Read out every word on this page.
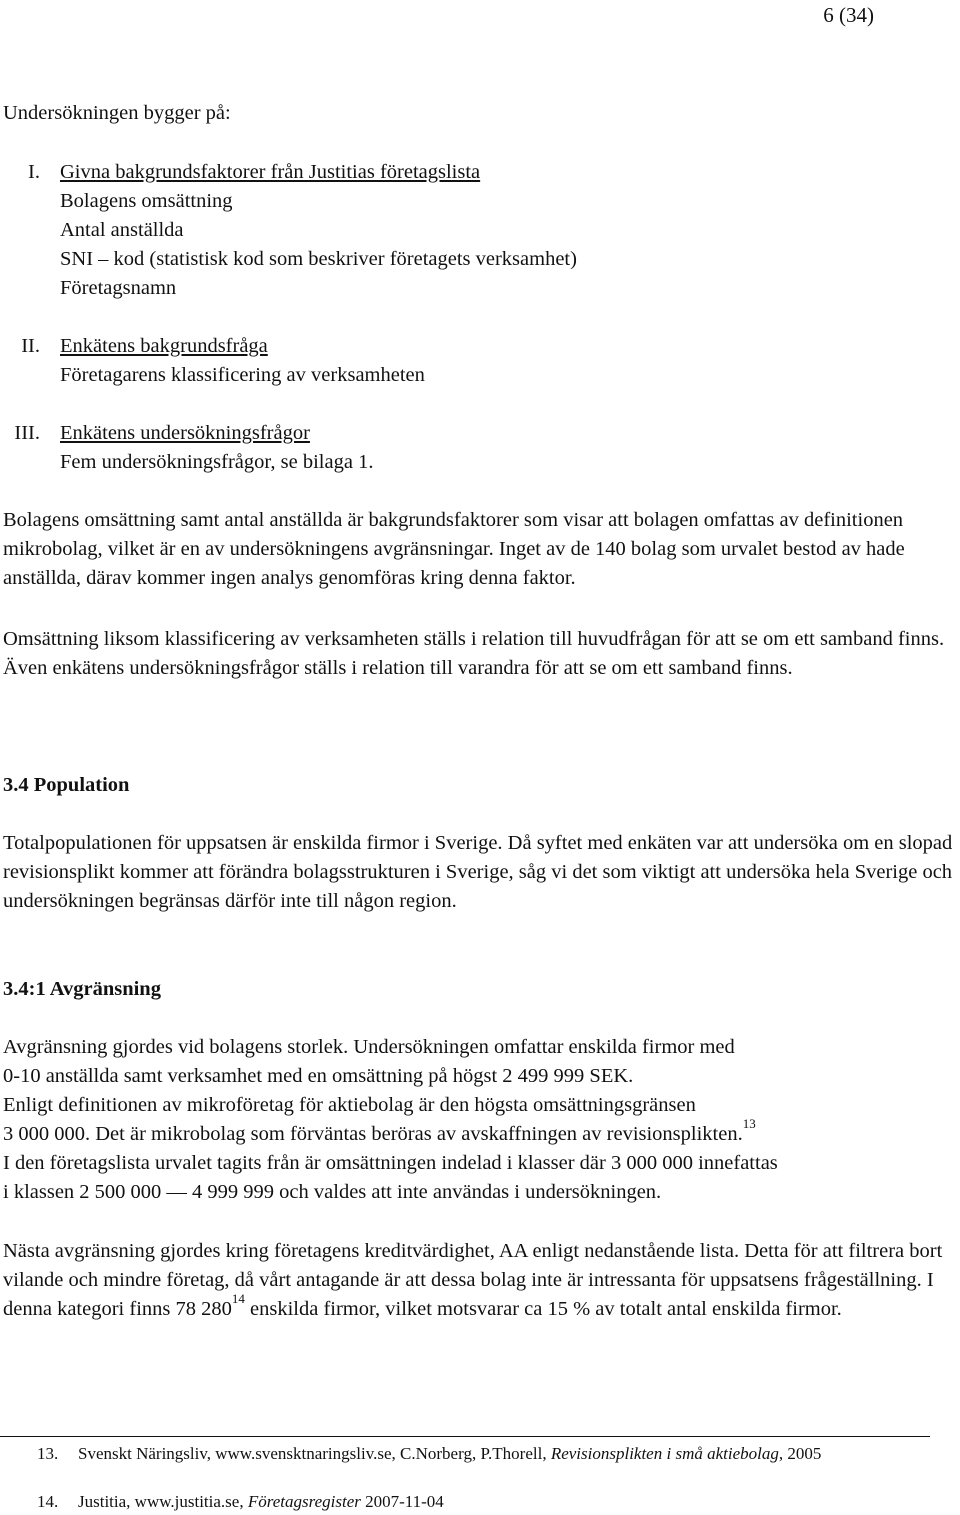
6 (34)

Undersökningen bygger på:

I. Givna bakgrundsfaktorer från Justitias företagslista
Bolagens omsättning
Antal anställda
SNI – kod (statistisk kod som beskriver företagets verksamhet)
Företagsnamn
II. Enkätens bakgrundsfråga
Företagarens klassificering av verksamheten
III. Enkätens undersökningsfrågor
Fem undersökningsfrågor, se bilaga 1.

Bolagens omsättning samt antal anställda är bakgrundsfaktorer som visar att bolagen omfattas av definitionen mikrobolag, vilket är en av undersökningens avgränsningar. Inget av de 140 bolag som urvalet bestod av hade anställda, därav kommer ingen analys genomföras kring denna faktor.

Omsättning liksom klassificering av verksamheten ställs i relation till huvudfrågan för att se om ett samband finns. Även enkätens undersökningsfrågor ställs i relation till varandra för att se om ett samband finns.

3.4 Population

Totalpopulationen för uppsatsen är enskilda firmor i Sverige. Då syftet med enkäten var att undersöka om en slopad revisionsplikt kommer att förändra bolagsstrukturen i Sverige, såg vi det som viktigt att undersöka hela Sverige och undersökningen begränsas därför inte till någon region.

3.4:1 Avgränsning
Avgränsning gjordes vid bolagens storlek. Undersökningen omfattar enskilda firmor med
0-10 anställda samt verksamhet med en omsättning på högst 2 499 999 SEK.
Enligt definitionen av mikroföretag för aktiebolag är den högsta omsättningsgränsen
3 000 000. Det är mikrobolag som förväntas beröras av avskaffningen av revisionsplikten.$^{13}$
I den företagslista urvalet tagits från är omsättningen indelad i klasser där 3 000 000 innefattas
i klassen 2 500 000 — 4 999 999 och valdes att inte användas i undersökningen.

Nästa avgränsning gjordes kring företagens kreditvärdighet, AA enligt nedanstående lista. Detta för att filtrera bort vilande och mindre företag, då vårt antagande är att dessa bolag inte är intressanta för uppsatsens frågeställning. I denna kategori finns 78 $280^{14}$ enskilda firmor, vilket motsvarar ca 15 % av totalt antal enskilda firmor.

13. Svenskt Näringsliv, www.svensktnaringsliv.se, C.Norberg, P.Thorell, Revisionsplikten i små aktiebolag, 2005
14. Justitia, www.justitia.se, Företagsregister 2007-11-04
